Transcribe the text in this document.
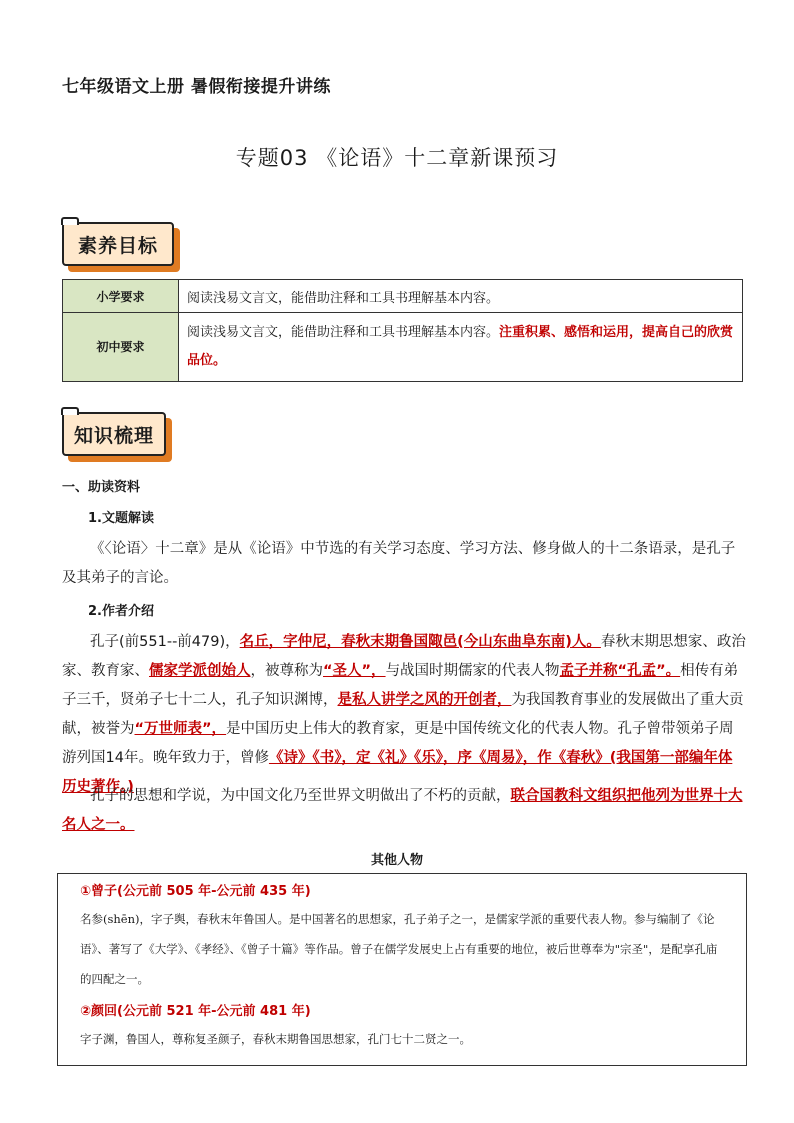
七年级语文上册 暑假衔接提升讲练
专题03 《论语》十二章新课预习
素养目标
小学要求	阅读浅易文言文，能借助注释和工具书理解基本内容。
初中要求	阅读浅易文言文，能借助注释和工具书理解基本内容。注重积累、感悟和运用，提高自己的欣赏品位。
知识梳理
一、助读资料
1.文题解读
《〈论语〉十二章》是从《论语》中节选的有关学习态度、学习方法、修身做人的十二条语录，是孔子及其弟子的言论。
2.作者介绍
孔子(前551--前479)，名丘，字仲尼，春秋末期鲁国陬邑(今山东曲阜东南)人。春秋末期思想家、政治家、教育家、儒家学派创始人，被尊称为“圣人”，与战国时期儒家的代表人物孟子并称“孔孟”。相传有弟子三千，贤弟子七十二人，孔子知识渊博，是私人讲学之风的开创者，为我国教育事业的发展做出了重大贡献，被誉为“万世师表”，是中国历史上伟大的教育家，更是中国传统文化的代表人物。孔子曾带领弟子周游列国14年。晚年致力于，曾修《诗》《书》，定《礼》《乐》，序《周易》，作《春秋》(我国第一部编年体历史著作。)
孔子的思想和学说，为中国文化乃至世界文明做出了不朽的贡献，联合国教科文组织把他列为世界十大名人之一。
其他人物
①曾子(公元前 505 年-公元前 435 年)
名参(shēn)，字子舆，春秋末年鲁国人。是中国著名的思想家，孔子弟子之一，是儒家学派的重要代表人物。参与编制了《论语》、著写了《大学》、《孝经》、《曾子十篇》等作品。曾子在儒学发展史上占有重要的地位，被后世尊奉为"宗圣"，是配享孔庙的四配之一。
②颜回(公元前 521 年-公元前 481 年)
字子渊，鲁国人，尊称复圣颜子，春秋末期鲁国思想家，孔门七十二贤之一。
